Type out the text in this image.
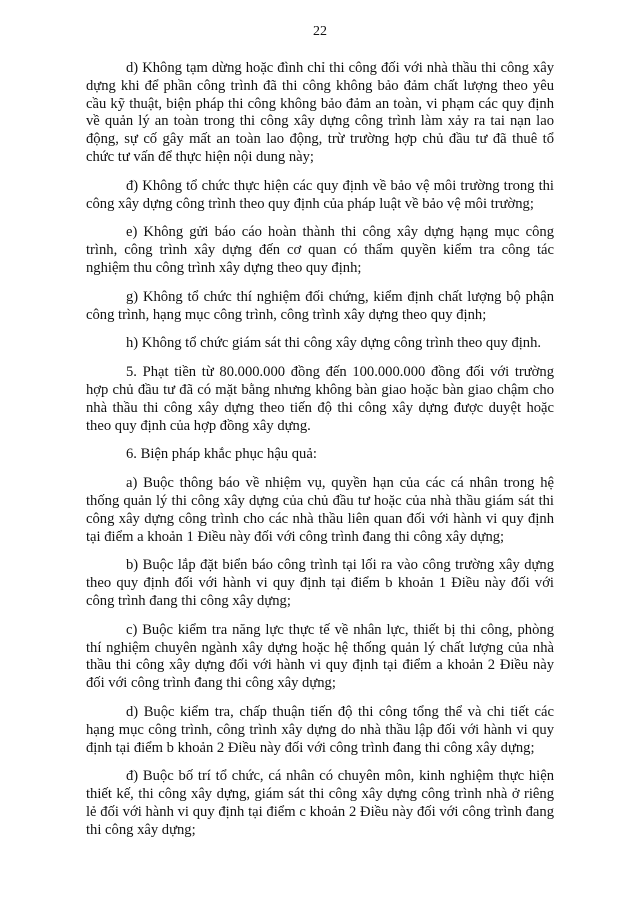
22

d) Không tạm dừng hoặc đình chỉ thi công đối với nhà thầu thi công xây dựng khi để phần công trình đã thi công không bảo đảm chất lượng theo yêu cầu kỹ thuật, biện pháp thi công không bảo đảm an toàn, vi phạm các quy định về quản lý an toàn trong thi công xây dựng công trình làm xảy ra tai nạn lao động, sự cố gây mất an toàn lao động, trừ trường hợp chủ đầu tư đã thuê tổ chức tư vấn để thực hiện nội dung này;

đ) Không tổ chức thực hiện các quy định về bảo vệ môi trường trong thi công xây dựng công trình theo quy định của pháp luật về bảo vệ môi trường;

e) Không gửi báo cáo hoàn thành thi công xây dựng hạng mục công trình, công trình xây dựng đến cơ quan có thẩm quyền kiểm tra công tác nghiệm thu công trình xây dựng theo quy định;

g) Không tổ chức thí nghiệm đối chứng, kiểm định chất lượng bộ phận công trình, hạng mục công trình, công trình xây dựng theo quy định;

h) Không tổ chức giám sát thi công xây dựng công trình theo quy định.

5. Phạt tiền từ 80.000.000 đồng đến 100.000.000 đồng đối với trường hợp chủ đầu tư đã có mặt bằng nhưng không bàn giao hoặc bàn giao chậm cho nhà thầu thi công xây dựng theo tiến độ thi công xây dựng được duyệt hoặc theo quy định của hợp đồng xây dựng.

6. Biện pháp khắc phục hậu quả:

a) Buộc thông báo về nhiệm vụ, quyền hạn của các cá nhân trong hệ thống quản lý thi công xây dựng của chủ đầu tư hoặc của nhà thầu giám sát thi công xây dựng công trình cho các nhà thầu liên quan đối với hành vi quy định tại điểm a khoản 1 Điều này đối với công trình đang thi công xây dựng;

b) Buộc lắp đặt biển báo công trình tại lối ra vào công trường xây dựng theo quy định đối với hành vi quy định tại điểm b khoản 1 Điều này đối với công trình đang thi công xây dựng;

c) Buộc kiểm tra năng lực thực tế về nhân lực, thiết bị thi công, phòng thí nghiệm chuyên ngành xây dựng hoặc hệ thống quản lý chất lượng của nhà thầu thi công xây dựng đối với hành vi quy định tại điểm a khoản 2 Điều này đối với công trình đang thi công xây dựng;

d) Buộc kiểm tra, chấp thuận tiến độ thi công tổng thể và chi tiết các hạng mục công trình, công trình xây dựng do nhà thầu lập đối với hành vi quy định tại điểm b khoản 2 Điều này đối với công trình đang thi công xây dựng;

đ) Buộc bố trí tổ chức, cá nhân có chuyên môn, kinh nghiệm thực hiện thiết kế, thi công xây dựng, giám sát thi công xây dựng công trình nhà ở riêng lẻ đối với hành vi quy định tại điểm c khoản 2 Điều này đối với công trình đang thi công xây dựng;
